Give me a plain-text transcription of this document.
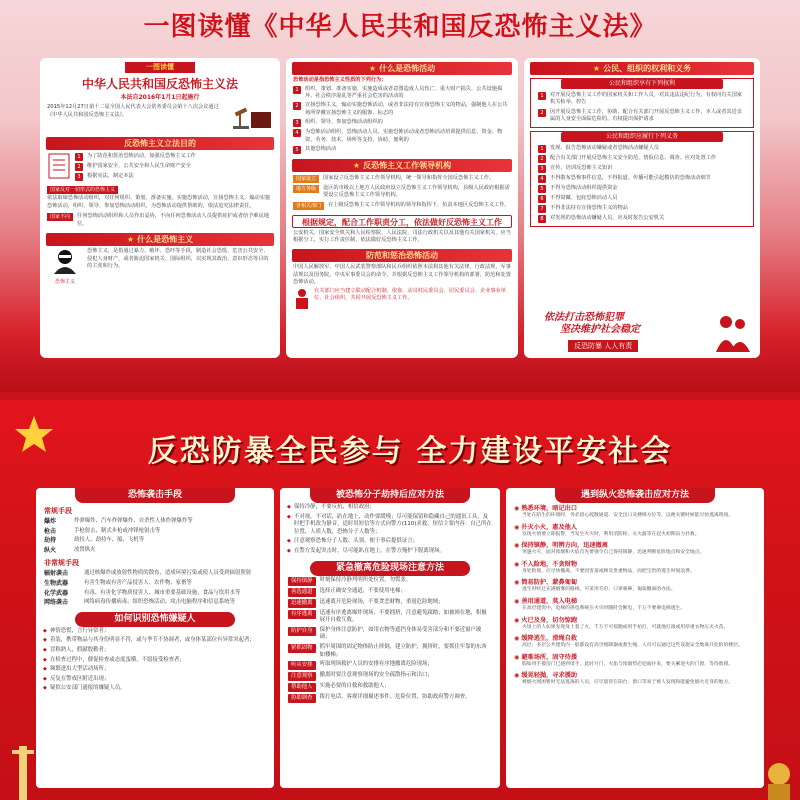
一图读懂《中华人民共和国反恐怖主义法》
一图读懂
中华人民共和国反恐怖主义法
本法自2016年1月1日起施行
2015年12月27日第十二届全国人民代表大会常务委员会第十八次会议通过《中华人民共和国反恐怖主义法》。
反恐怖主义立法目的
1	为了防范和惩治恐怖活动，加强反恐怖主义工作
2	维护国家安全、公共安全和人民生命财产安全
3	根据宪法，制定本法
国家反对一切形式的恐怖主义
依法取缔恐怖活动组织，对任何组织、策划、准备实施、实施恐怖活动，宣扬恐怖主义，煽动实施恐怖活动，组织、领导、参加恐怖活动组织，为恐怖活动提供帮助的，依法追究法律责任。
国家不向	任何恐怖活动组织和人员作出妥协，不向任何恐怖活动人员提供庇护或者给予难民地位。
★ 什么是恐怖主义
恐怖主义
恐怖主义，是指通过暴力、破坏、恐吓等手段，制造社会恐慌、危害公共安全、侵犯人身财产，或者胁迫国家机关、国际组织，以实现其政治、意识形态等目的的主张和行为。
★ 什么是恐怖活动
恐怖活动是指恐怖主义性质的下列行为：
1	组织、策划、准备实施、实施造成或者意图造成人员伤亡、重大财产损失、公共设施损坏、社会秩序混乱等严重社会危害的活动的
2	宣扬恐怖主义，煽动实施恐怖活动，或者非法持有宣扬恐怖主义的物品，强制他人在公共场所穿戴宣扬恐怖主义的服饰、标志的
3	组织、领导、参加恐怖活动组织的
4	为恐怖活动组织、恐怖活动人员、实施恐怖活动或者恐怖活动培训提供信息、资金、物资、劳务、技术、场所等支持、协助、便利的
5	其他恐怖活动
★ 反恐怖主义工作领导机构
国家设立	国家设立反恐怖主义工作领导机构，统一领导和指挥全国反恐怖主义工作。
地方各级	设区的市级以上地方人民政府设立反恐怖主义工作领导机构，县级人民政府根据需要设立反恐怖主义工作领导机构。
各相关部门	在上级反恐怖主义工作领导机构的领导和指挥下，负责本地区反恐怖主义工作。
根据规定，配合工作职责分工，依法做好反恐怖主义工作
公安机关、国家安全机关和人民检察院、人民法院、司法行政机关以及其他有关国家机关，应当根据分工，实行工作责任制，依法做好反恐怖主义工作。
防范和惩治恐怖活动
中国人民解放军、中国人民武装警察部队和民兵组织依照本法和其他有关法律、行政法规、军事法规以及国务院、中央军事委员会的命令，并根据反恐怖主义工作领导机构的部署，防范和处置恐怖活动。
有关部门应当建立联动配合机制，依靠、动员村民委员会、居民委员会、企业事业单位、社会组织，共同开展反恐怖主义工作。
★ 公民、组织的权利和义务
公民和组织享有下列权利
1	对开展反恐怖主义工作的国家机关和工作人员，对其违法违纪行为，有权向有关国家机关检举、控告
2	因开展反恐怖主义工作，协助、配合有关部门开展反恐怖主义工作，本人或者其近亲属的人身安全面临危险的，有权提出保护请求
公民和组织应履行下列义务
1	发现、报告恐怖活动嫌疑或者恐怖活动嫌疑人员
2	配合有关部门开展反恐怖主义安全防范、情报信息、调查、应对处置工作
3	宣传、培训反恐怖主义知识
4	不得散布恐怖事件信息，不得报道、传播可能引起模仿的恐怖活动细节
5	不得为恐怖活动组织提供资金
6	不得窝藏、包庇恐怖活动人员
7	不得非法持有宣扬恐怖主义的物品
8	对发现的恐怖活动嫌疑人员，应及时报告公安机关
依法打击恐怖犯罪
坚决维护社会稳定
反恐防暴 人人有责
反恐防暴全民参与 全力建设平安社会
恐怖袭击手段
常规手段
爆炸	炸弹爆炸、汽车炸弹爆炸、自杀性人体炸弹爆炸等
枪击	手枪射击、制式步枪或冲锋枪射击等
劫持	劫持人、劫持车、船、飞机等
纵火	放置纵火
非常规手段
辐射袭击	通过核爆炸或放射性物质的散布，造成环境污染或使人员受到辐射照射
生物武器	有害生物或有害产品侵害人、农作物、家畜等
化学武器	有毒、有害化学物质侵害人、城市重要基础设施、食品与饮用水等
网络袭击	网络病毒传播病毒、组织恐怖活动、攻击电脑程序和信息系统等
如何识别恐怖嫌疑人
◆ 神情恐慌，言行异常者；
◆ 着装，携带物品与其身份明显不符，或与季节不协调者，或身体某部位有异常突起者；
◆ 冒称熟人，假献殷勤者；
◆ 在检查过程中，催促检查或态度蛮横，不愿接受检查者；
◆ 频繁进出大型活动场所；
◆ 反复在警戒区附近出现；
◆ 疑似公安部门通报的嫌疑人员。
被恐怖分子劫持后应对方法
◆ 保持冷静，不要反抗，相信政府；
◆ 不对视，不对话，趴在地上，动作要缓慢；尽可能保留和隐藏自己的通讯工具，及时把手机改为静音，适时用短信等方式向警方(110)求救，短信主要内容：自己所在位置，人质人数，恐怖分子人数等；
◆ 注意观察恐怖分子人数、头领，便于事后提供证言；
◆ 在警方发起突击时，尽可能趴在地上，在警方掩护下脱离现场。
紧急撤离危险现场注意方法
保持镇静	时刻保持冷静判明所处位置，勿慌张。
善选通道	选择正确安全通道，不要使用电梯；
迅速撤离	迅速离开危险现场，不要贪恋财物，重返危险地域；
有序逃离	迅速有序逃离爆炸现场，不要拥挤，注意避免踩踏；如被困在地，积极展开自救互救。
防护自身	保护身体注意防护，如用衣物等遮挡身体易受害部分和不要近窗户玻璃；
紧抓固物	抓牢周围的固定物体防止摔倒，建立防护，拥挤时，要抓住牢靠的东西如楼梯；
听从安排	听取现场救护人员的安排有序地撤离危险现场；
注意观察	撤离时要注意观察现场的安全疏散指示和出口；
帮助他人	实施必要的自救和救助他人；
协助调查	拨打电话，客观详细描述事件、危险位置，协助政府警方调查。
遇到纵火恐怖袭击应对方法
◉ 熟悉环境，暗记出口
当处在陌生的环境时，务必留心疏散通道、安全出口及楼梯方位等，以便关键时候能尽快逃离现场。
◉ 扑灭小火，惠及他人
发现火情要立即报警，当发生火灾时，利用消防栓、灭火器等在起火初期奋力扑救。
◉ 保持镇静，明辨方向，迅速撤离
突遇火灾，面对浓烟和火焰首先要强令自己保持镇静，迅速判断危险地点和安全地点。
◉ 不入险地，不贪财物
身处险境，应尽快撤离，不要因害羞或顾及贵重物品，而把宝贵的逃生时间浪费。
◉ 简易防护，蒙鼻匍匐
逃生时经过充满烟雾的路线，可采用毛巾、口罩蒙鼻，匍匐撤离的办法。
◉ 善用通道，莫入电梯
在高层建筑中，电梯的供电系统在火灾时随时会断电，千万不要乘电梯逃生。
◉ 火已及身，切勿惊跑
火场上的人如果发现身上着了火，千万不可惊跑或用手拍打，可就地打滚或用厚重衣物压灭火苗。
◉ 缓降逃生，滑绳自救
高层、多层公共建筑内一般都设有高空缓降器或救生绳，人员可以通过这些设施安全地离开危险的楼层。
◉ 避难场所，固守待援
假如用手摸房门已感到烫手，此时开门，火焰与浓烟势必迎面扑来，要关紧迎火的门窗，等待救援。
◉ 缓晃轻抛，寻求援助
被烟火围困暂时无法逃离的人员，应尽量待在阳台、窗口等易于被人发现和能避免烟火近身的地方。
